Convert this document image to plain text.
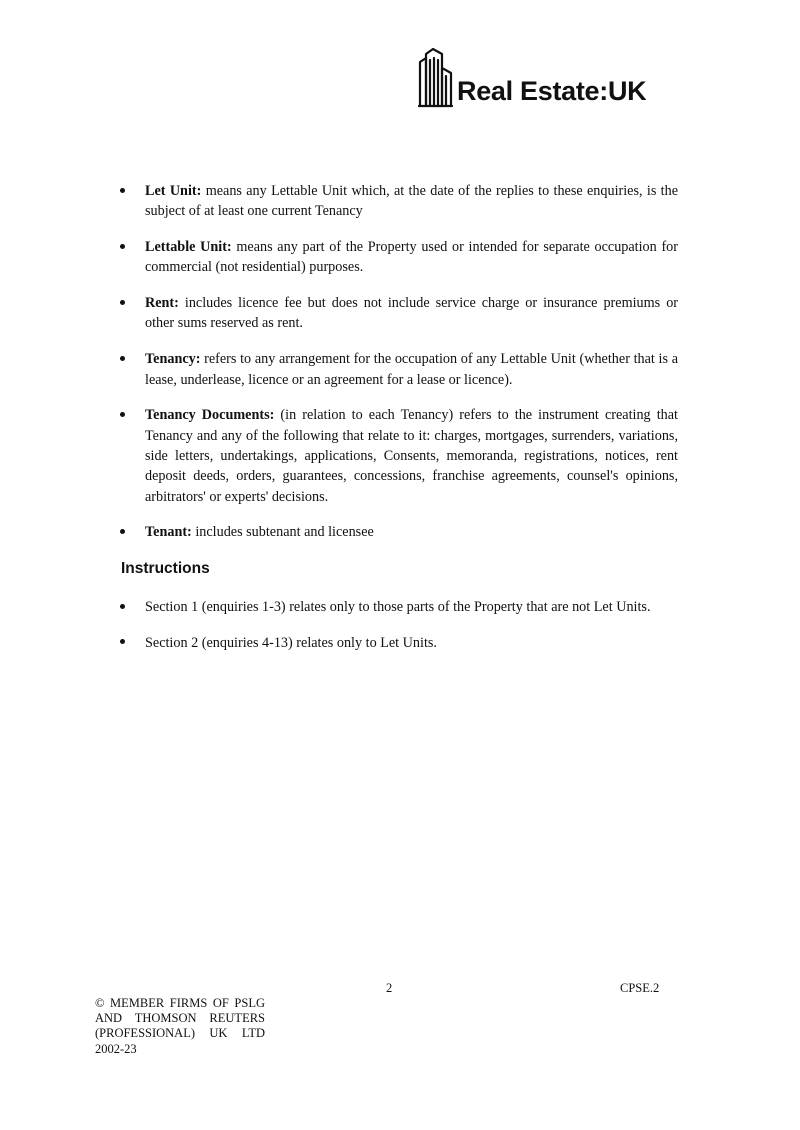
Real Estate:UK
Let Unit: means any Lettable Unit which, at the date of the replies to these enquiries, is the subject of at least one current Tenancy
Lettable Unit: means any part of the Property used or intended for separate occupation for commercial (not residential) purposes.
Rent: includes licence fee but does not include service charge or insurance premiums or other sums reserved as rent.
Tenancy: refers to any arrangement for the occupation of any Lettable Unit (whether that is a lease, underlease, licence or an agreement for a lease or licence).
Tenancy Documents: (in relation to each Tenancy) refers to the instrument creating that Tenancy and any of the following that relate to it: charges, mortgages, surrenders, variations, side letters, undertakings, applications, Consents, memoranda, registrations, notices, rent deposit deeds, orders, guarantees, concessions, franchise agreements, counsel's opinions, arbitrators' or experts' decisions.
Tenant: includes subtenant and licensee
Instructions
Section 1 (enquiries 1-3) relates only to those parts of the Property that are not Let Units.
Section 2 (enquiries 4-13) relates only to Let Units.
2	CPSE.2
© MEMBER FIRMS OF PSLG AND THOMSON REUTERS (PROFESSIONAL) UK LTD 2002-23
